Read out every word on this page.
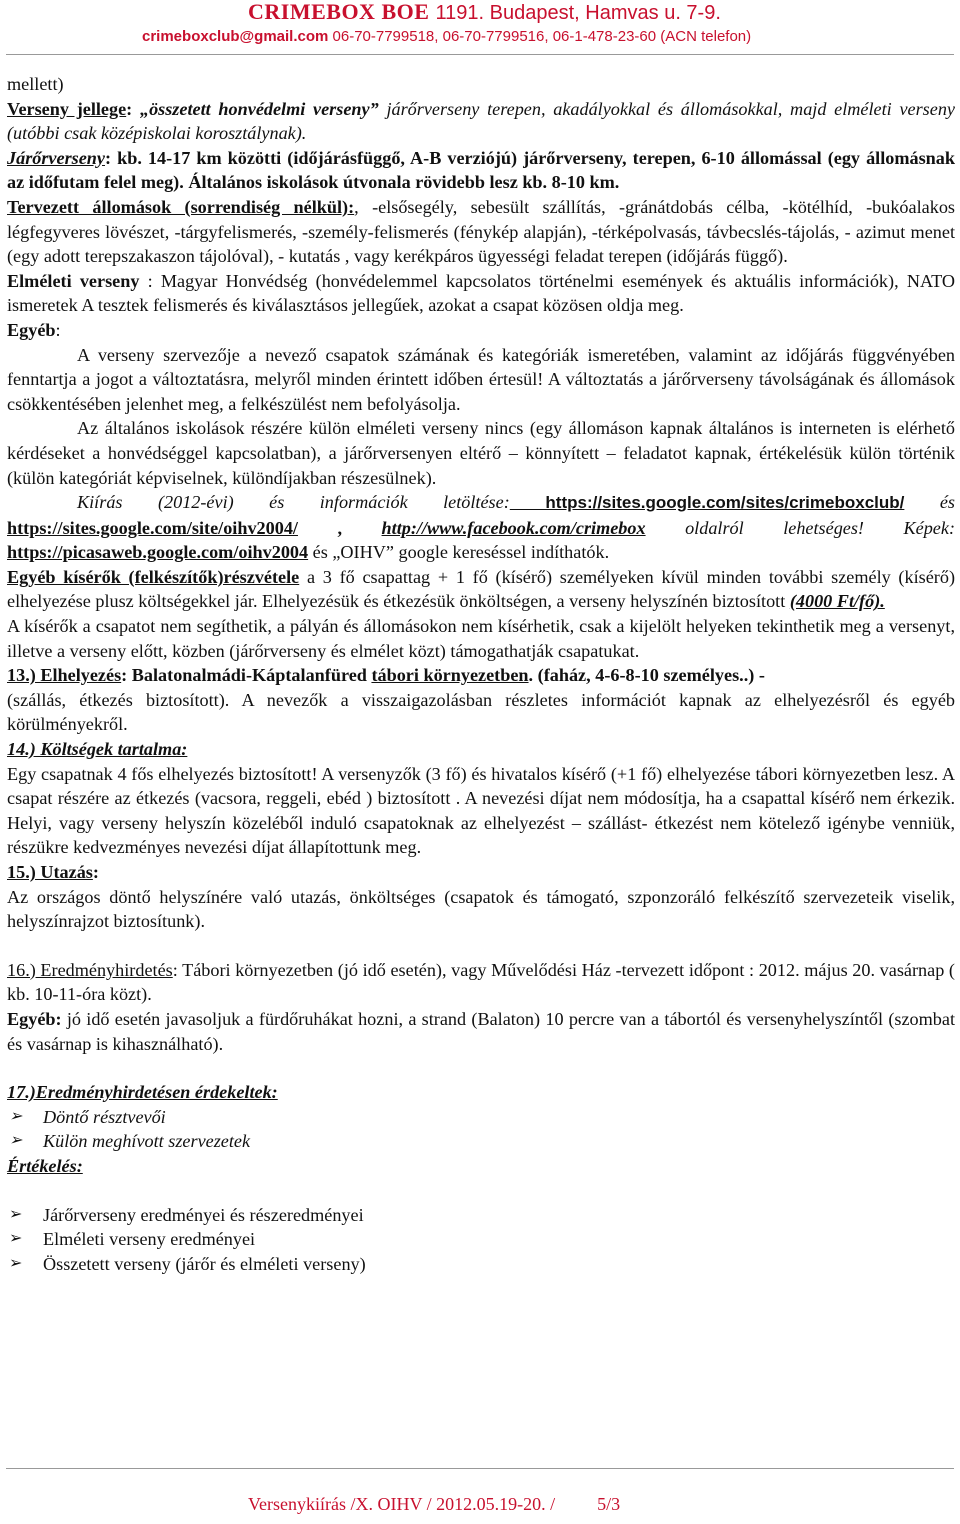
CRIMEBOX BOE 1191. Budapest, Hamvas u. 7-9.
crimeboxclub@gmail.com 06-70-7799518, 06-70-7799516, 06-1-478-23-60 (ACN telefon)

mellett)

Verseny jellege: „összetett honvédelmi verseny” járőrverseny terepen, akadályokkal és állomásokkal, majd elméleti verseny (utóbbi csak középiskolai korosztálynak).

Járőrverseny: kb. 14-17 km közötti (időjárásfüggő, A-B verziójú) járőrverseny, terepen, 6-10 állomással (egy állomásnak az időfutam felel meg). Általános iskolások útvonala rövidebb lesz kb. 8-10 km.

Tervezett állomások (sorrendiség nélkül):, -elsősegély, sebesült szállítás, -gránátdobás célba, -kötélhíd, -bukóalakos légfegyveres lövészet, -tárgyfelismerés, -személy-felismerés (fénykép alapján), -térképolvasás, távbecslés-tájolás, - azimut menet (egy adott terepszakaszon tájolóval), - kutatás , vagy kerékpáros ügyességi feladat terepen (időjárás függő).

Elméleti verseny : Magyar Honvédség (honvédelemmel kapcsolatos történelmi események és aktuális információk), NATO ismeretek A tesztek felismerés és kiválasztásos jellegűek, azokat a csapat közösen oldja meg.

Egyéb:

A verseny szervezője a nevező csapatok számának és kategóriák ismeretében, valamint az időjárás függvényében fenntartja a jogot a változtatásra, melyről minden érintett időben értesül! A változtatás a járőrverseny távolságának és állomások csökkentésében jelenhet meg, a felkészülést nem befolyásolja.

Az általános iskolások részére külön elméleti verseny nincs (egy állomáson kapnak általános is interneten is elérhető kérdéseket a honvédséggel kapcsolatban), a járőrversenyen eltérő – könnyített – feladatot kapnak, értékelésük külön történik (külön kategóriát képviselnek, különdíjakban részesülnek).

Kiírás (2012-évi) és információk letöltése: https://sites.google.com/sites/crimeboxclub/ és https://sites.google.com/site/oihv2004/ , http://www.facebook.com/crimebox oldalról lehetséges! Képek: https://picasaweb.google.com/oihv2004 és „OIHV” google kereséssel indíthatók.

Egyéb kísérők (felkészítők)részvétele a 3 fő csapattag + 1 fő (kísérő) személyeken kívül minden további személy (kísérő) elhelyezése plusz költségekkel jár. Elhelyezésük és étkezésük önköltségen, a verseny helyszínén biztosított (4000 Ft/fő).

A kísérők a csapatot nem segíthetik, a pályán és állomásokon nem kísérhetik, csak a kijelölt helyeken tekinthetik meg a versenyt, illetve a verseny előtt, közben (járőrverseny és elmélet közt) támogathatják csapatukat.

13.) Elhelyezés: Balatonalmádi-Káptalanfüred tábori környezetben. (faház, 4-6-8-10 személyes..) -

(szállás, étkezés biztosított). A nevezők a visszaigazolásban részletes információt kapnak az elhelyezésről és egyéb körülményekről.

14.) Költségek tartalma:

Egy csapatnak 4 fős elhelyezés biztosított! A versenyzők (3 fő) és hivatalos kísérő (+1 fő) elhelyezése tábori környezetben lesz. A csapat részére az étkezés (vacsora, reggeli, ebéd ) biztosított . A nevezési díjat nem módosítja, ha a csapattal kísérő nem érkezik. Helyi, vagy verseny helyszín közeléből induló csapatoknak az elhelyezést – szállást- étkezést nem kötelező igénybe venniük, részükre kedvezményes nevezési díjat állapítottunk meg.

15.) Utazás:

Az országos döntő helyszínére való utazás, önköltséges (csapatok és támogató, szponzoráló felkészítő szervezeteik viselik, helyszínrajzot biztosítunk).

16.) Eredményhirdetés: Tábori környezetben (jó idő esetén), vagy Művelődési Ház -tervezett időpont : 2012. május 20. vasárnap ( kb. 10-11-óra közt).

Egyéb: jó idő esetén javasoljuk a fürdőruhákat hozni, a strand (Balaton) 10 percre van a tábortól és versenyhelyszíntől (szombat és vasárnap is kihasználható).

17.)Eredményhirdetésen érdekeltek:

➢ Döntő résztvevői
➢ Külön meghívott szervezetek

Értékelés:

➢ Járőrverseny eredményei és részeredményei
➢ Elméleti verseny eredményei
➢ Összetett verseny (járőr és elméleti verseny)
Versenykiírás /X. OIHV / 2012.05.19-20. / 5/3
